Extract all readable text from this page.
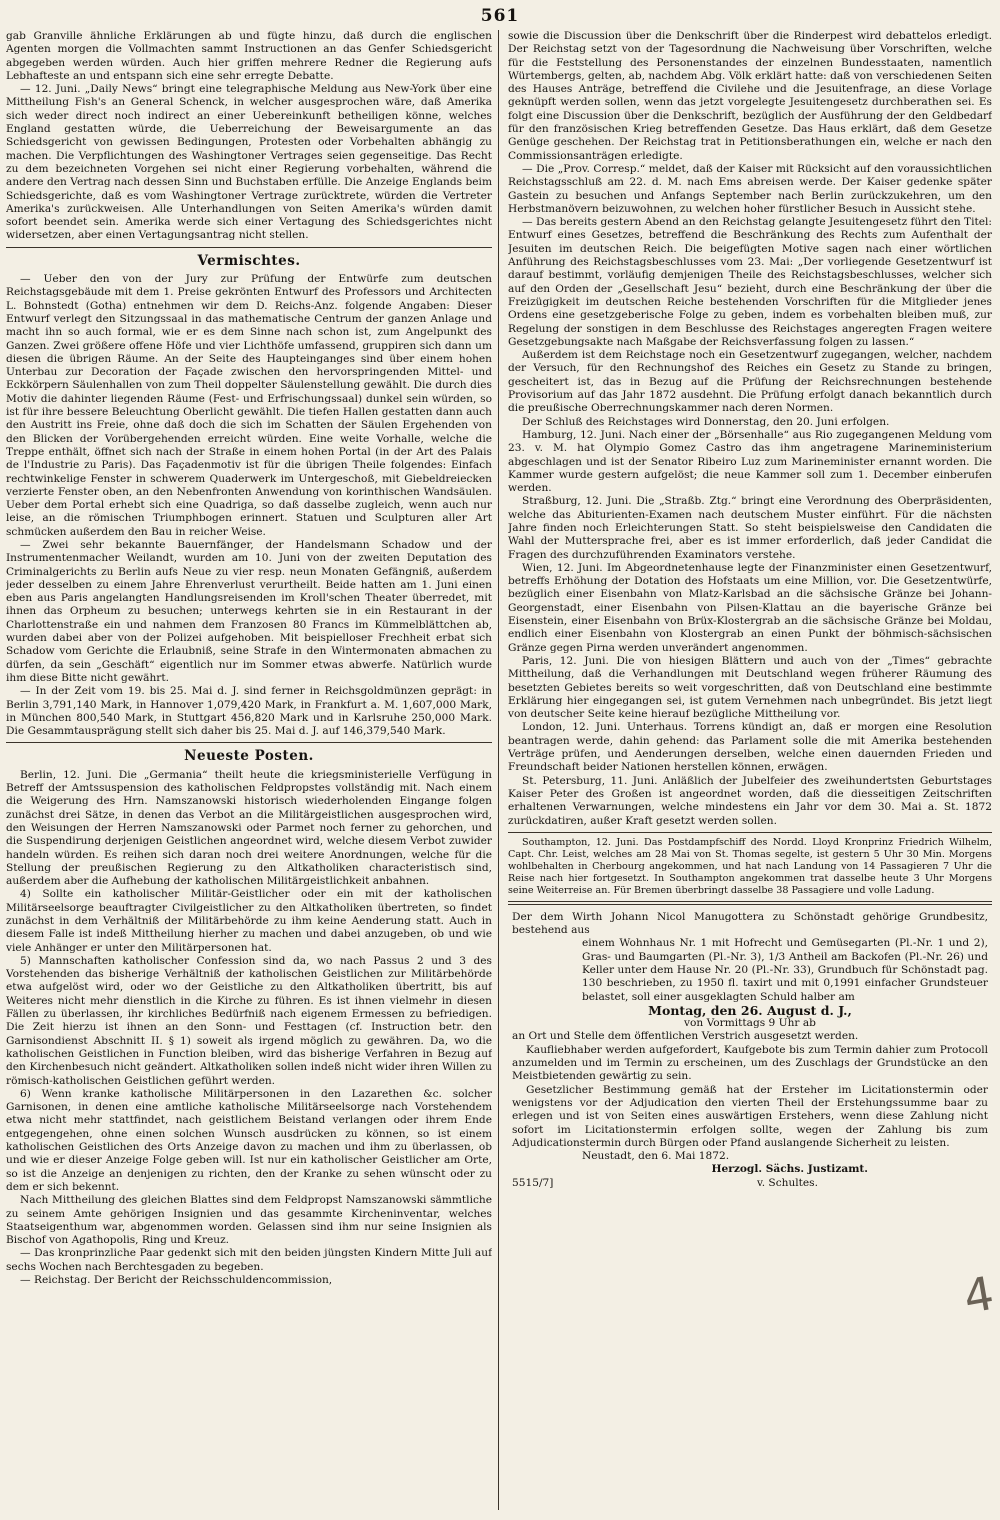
561

gab Granville ähnliche Erklärungen ab und fügte hinzu, daß durch die englischen Agenten morgen die Vollmachten sammt Instructionen an das Genfer Schiedsgericht abgegeben werden würden. Auch hier griffen mehrere Redner die Regierung aufs Lebhafteste an und entspann sich eine sehr erregte Debatte.

— 12. Juni. „Daily News“ bringt eine telegraphische Meldung aus New-York über eine Mittheilung Fish's an General Schenck, in welcher ausgesprochen wäre, daß Amerika sich weder direct noch indirect an einer Uebereinkunft betheiligen könne, welches England gestatten würde, die Ueberreichung der Beweisargumente an das Schiedsgericht von gewissen Bedingungen, Protesten oder Vorbehalten abhängig zu machen. Die Verpflichtungen des Washingtoner Vertrages seien gegenseitige. Das Recht zu dem bezeichneten Vorgehen sei nicht einer Regierung vorbehalten, während die andere den Vertrag nach dessen Sinn und Buchstaben erfülle. Die Anzeige Englands beim Schiedsgerichte, daß es vom Washingtoner Vertrage zurücktrete, würden die Vertreter Amerika's zurückweisen. Alle Unterhandlungen von Seiten Amerika's würden damit sofort beendet sein. Amerika werde sich einer Vertagung des Schiedsgerichtes nicht widersetzen, aber einen Vertagungsantrag nicht stellen.

Vermischtes.

— Ueber den von der Jury zur Prüfung der Entwürfe zum deutschen Reichstagsgebäude mit dem 1. Preise gekrönten Entwurf des Professors und Architecten L. Bohnstedt (Gotha) entnehmen wir dem D. Reichs-Anz. folgende Angaben: Dieser Entwurf verlegt den Sitzungssaal in das mathematische Centrum der ganzen Anlage und macht ihn so auch formal, wie er es dem Sinne nach schon ist, zum Angelpunkt des Ganzen. Zwei größere offene Höfe und vier Lichthöfe umfassend, gruppiren sich dann um diesen die übrigen Räume. An der Seite des Haupteinganges sind über einem hohen Unterbau zur Decoration der Façade zwischen den hervorspringenden Mittel- und Eckkörpern Säulenhallen von zum Theil doppelter Säulenstellung gewählt. Die durch dies Motiv die dahinter liegenden Räume (Fest- und Erfrischungssaal) dunkel sein würden, so ist für ihre bessere Beleuchtung Oberlicht gewählt. Die tiefen Hallen gestatten dann auch den Austritt ins Freie, ohne daß doch die sich im Schatten der Säulen Ergehenden von den Blicken der Vorübergehenden erreicht würden. Eine weite Vorhalle, welche die Treppe enthält, öffnet sich nach der Straße in einem hohen Portal (in der Art des Palais de l'Industrie zu Paris). Das Façadenmotiv ist für die übrigen Theile folgendes: Einfach rechtwinkelige Fenster in schwerem Quaderwerk im Untergeschoß, mit Giebeldreiecken verzierte Fenster oben, an den Nebenfronten Anwendung von korinthischen Wandsäulen. Ueber dem Portal erhebt sich eine Quadriga, so daß dasselbe zugleich, wenn auch nur leise, an die römischen Triumphbogen erinnert. Statuen und Sculpturen aller Art schmücken außerdem den Bau in reicher Weise.

— Zwei sehr bekannte Bauernfänger, der Handelsmann Schadow und der Instrumentenmacher Weilandt, wurden am 10. Juni von der zweiten Deputation des Criminalgerichts zu Berlin aufs Neue zu vier resp. neun Monaten Gefängniß, außerdem jeder desselben zu einem Jahre Ehrenverlust verurtheilt. Beide hatten am 1. Juni einen eben aus Paris angelangten Handlungsreisenden im Kroll'schen Theater überredet, mit ihnen das Orpheum zu besuchen; unterwegs kehrten sie in ein Restaurant in der Charlottenstraße ein und nahmen dem Franzosen 80 Francs im Kümmelblättchen ab, wurden dabei aber von der Polizei aufgehoben. Mit beispielloser Frechheit erbat sich Schadow vom Gerichte die Erlaubniß, seine Strafe in den Wintermonaten abmachen zu dürfen, da sein „Geschäft“ eigentlich nur im Sommer etwas abwerfe. Natürlich wurde ihm diese Bitte nicht gewährt.

— In der Zeit vom 19. bis 25. Mai d. J. sind ferner in Reichsgoldmünzen geprägt: in Berlin 3,791,140 Mark, in Hannover 1,079,420 Mark, in Frankfurt a. M. 1,607,000 Mark, in München 800,540 Mark, in Stuttgart 456,820 Mark und in Karlsruhe 250,000 Mark. Die Gesammtausprägung stellt sich daher bis 25. Mai d. J. auf 146,379,540 Mark.

Neueste Posten.

Berlin, 12. Juni. Die „Germania“ theilt heute die kriegsministerielle Verfügung in Betreff der Amtssuspension des katholischen Feldpropstes vollständig mit. Nach einem die Weigerung des Hrn. Namszanowski historisch wiederholenden Eingange folgen zunächst drei Sätze, in denen das Verbot an die Militärgeistlichen ausgesprochen wird, den Weisungen der Herren Namszanowski oder Parmet noch ferner zu gehorchen, und die Suspendirung derjenigen Geistlichen angeordnet wird, welche diesem Verbot zuwider handeln würden. Es reihen sich daran noch drei weitere Anordnungen, welche für die Stellung der preußischen Regierung zu den Altkatholiken characteristisch sind, außerdem aber die Aufhebung der katholischen Militärgeistlichkeit anbahnen.

4) Sollte ein katholischer Militär-Geistlicher oder ein mit der katholischen Militärseelsorge beauftragter Civilgeistlicher zu den Altkatholiken übertreten, so findet zunächst in dem Verhältniß der Militärbehörde zu ihm keine Aenderung statt. Auch in diesem Falle ist indeß Mittheilung hierher zu machen und dabei anzugeben, ob und wie viele Anhänger er unter den Militärpersonen hat.

5) Mannschaften katholischer Confession sind da, wo nach Passus 2 und 3 des Vorstehenden das bisherige Verhältniß der katholischen Geistlichen zur Militärbehörde etwa aufgelöst wird, oder wo der Geistliche zu den Altkatholiken übertritt, bis auf Weiteres nicht mehr dienstlich in die Kirche zu führen. Es ist ihnen vielmehr in diesen Fällen zu überlassen, ihr kirchliches Bedürfniß nach eigenem Ermessen zu befriedigen. Die Zeit hierzu ist ihnen an den Sonn- und Festtagen (cf. Instruction betr. den Garnisondienst Abschnitt II. § 1) soweit als irgend möglich zu gewähren. Da, wo die katholischen Geistlichen in Function bleiben, wird das bisherige Verfahren in Bezug auf den Kirchenbesuch nicht geändert. Altkatholiken sollen indeß nicht wider ihren Willen zu römisch-katholischen Geistlichen geführt werden.

6) Wenn kranke katholische Militärpersonen in den Lazarethen &c. solcher Garnisonen, in denen eine amtliche katholische Militärseelsorge nach Vorstehendem etwa nicht mehr stattfindet, nach geistlichem Beistand verlangen oder ihrem Ende entgegengehen, ohne einen solchen Wunsch ausdrücken zu können, so ist einem katholischen Geistlichen des Orts Anzeige davon zu machen und ihm zu überlassen, ob und wie er dieser Anzeige Folge geben will. Ist nur ein katholischer Geistlicher am Orte, so ist die Anzeige an denjenigen zu richten, den der Kranke zu sehen wünscht oder zu dem er sich bekennt.

Nach Mittheilung des gleichen Blattes sind dem Feldpropst Namszanowski sämmtliche zu seinem Amte gehörigen Insignien und das gesammte Kircheninventar, welches Staatseigenthum war, abgenommen worden. Gelassen sind ihm nur seine Insignien als Bischof von Agathopolis, Ring und Kreuz.

— Das kronprinzliche Paar gedenkt sich mit den beiden jüngsten Kindern Mitte Juli auf sechs Wochen nach Berchtesgaden zu begeben.

— Reichstag. Der Bericht der Reichsschuldencommission,

sowie die Discussion über die Denkschrift über die Rinderpest wird debattelos erledigt. Der Reichstag setzt von der Tagesordnung die Nachweisung über Vorschriften, welche für die Feststellung des Personenstandes der einzelnen Bundesstaaten, namentlich Würtembergs, gelten, ab, nachdem Abg. Völk erklärt hatte: daß von verschiedenen Seiten des Hauses Anträge, betreffend die Civilehe und die Jesuitenfrage, an diese Vorlage geknüpft werden sollen, wenn das jetzt vorgelegte Jesuitengesetz durchberathen sei. Es folgt eine Discussion über die Denkschrift, bezüglich der Ausführung der den Geldbedarf für den französischen Krieg betreffenden Gesetze. Das Haus erklärt, daß dem Gesetze Genüge geschehen. Der Reichstag trat in Petitionsberathungen ein, welche er nach den Commissionsanträgen erledigte.

— Die „Prov. Corresp.“ meldet, daß der Kaiser mit Rücksicht auf den voraussichtlichen Reichstagsschluß am 22. d. M. nach Ems abreisen werde. Der Kaiser gedenke später Gastein zu besuchen und Anfangs September nach Berlin zurückzukehren, um den Herbstmanövern beizuwohnen, zu welchen hoher fürstlicher Besuch in Aussicht stehe.

— Das bereits gestern Abend an den Reichstag gelangte Jesuitengesetz führt den Titel: Entwurf eines Gesetzes, betreffend die Beschränkung des Rechts zum Aufenthalt der Jesuiten im deutschen Reich. Die beigefügten Motive sagen nach einer wörtlichen Anführung des Reichstagsbeschlusses vom 23. Mai: „Der vorliegende Gesetzentwurf ist darauf bestimmt, vorläufig demjenigen Theile des Reichstagsbeschlusses, welcher sich auf den Orden der „Gesellschaft Jesu“ bezieht, durch eine Beschränkung der über die Freizügigkeit im deutschen Reiche bestehenden Vorschriften für die Mitglieder jenes Ordens eine gesetzgeberische Folge zu geben, indem es vorbehalten bleiben muß, zur Regelung der sonstigen in dem Beschlusse des Reichstages angeregten Fragen weitere Gesetzgebungsakte nach Maßgabe der Reichsverfassung folgen zu lassen.“

Außerdem ist dem Reichstage noch ein Gesetzentwurf zugegangen, welcher, nachdem der Versuch, für den Rechnungshof des Reiches ein Gesetz zu Stande zu bringen, gescheitert ist, das in Bezug auf die Prüfung der Reichsrechnungen bestehende Provisorium auf das Jahr 1872 ausdehnt. Die Prüfung erfolgt danach bekanntlich durch die preußische Oberrechnungskammer nach deren Normen.

Der Schluß des Reichstages wird Donnerstag, den 20. Juni erfolgen.

Hamburg, 12. Juni. Nach einer der „Börsenhalle“ aus Rio zugegangenen Meldung vom 23. v. M. hat Olympio Gomez Castro das ihm angetragene Marineministerium abgeschlagen und ist der Senator Ribeiro Luz zum Marineminister ernannt worden. Die Kammer wurde gestern aufgelöst; die neue Kammer soll zum 1. December einberufen werden.

Straßburg, 12. Juni. Die „Straßb. Ztg.“ bringt eine Verordnung des Oberpräsidenten, welche das Abiturienten-Examen nach deutschem Muster einführt. Für die nächsten Jahre finden noch Erleichterungen Statt. So steht beispielsweise den Candidaten die Wahl der Muttersprache frei, aber es ist immer erforderlich, daß jeder Candidat die Fragen des durchzuführenden Examinators verstehe.

Wien, 12. Juni. Im Abgeordnetenhause legte der Finanzminister einen Gesetzentwurf, betreffs Erhöhung der Dotation des Hofstaats um eine Million, vor. Die Gesetzentwürfe, bezüglich einer Eisenbahn von Mlatz-Karlsbad an die sächsische Gränze bei Johann-Georgenstadt, einer Eisenbahn von Pilsen-Klattau an die bayerische Gränze bei Eisenstein, einer Eisenbahn von Brüx-Klostergrab an die sächsische Gränze bei Moldau, endlich einer Eisenbahn von Klostergrab an einen Punkt der böhmisch-sächsischen Gränze gegen Pirna werden unverändert angenommen.

Paris, 12. Juni. Die von hiesigen Blättern und auch von der „Times“ gebrachte Mittheilung, daß die Verhandlungen mit Deutschland wegen früherer Räumung des besetzten Gebietes bereits so weit vorgeschritten, daß von Deutschland eine bestimmte Erklärung hier eingegangen sei, ist gutem Vernehmen nach unbegründet. Bis jetzt liegt von deutscher Seite keine hierauf bezügliche Mittheilung vor.

London, 12. Juni. Unterhaus. Torrens kündigt an, daß er morgen eine Resolution beantragen werde, dahin gehend: das Parlament solle die mit Amerika bestehenden Verträge prüfen, und Aenderungen derselben, welche einen dauernden Frieden und Freundschaft beider Nationen herstellen können, erwägen.

St. Petersburg, 11. Juni. Anläßlich der Jubelfeier des zweihundertsten Geburtstages Kaiser Peter des Großen ist angeordnet worden, daß die diesseitigen Zeitschriften erhaltenen Verwarnungen, welche mindestens ein Jahr vor dem 30. Mai a. St. 1872 zurückdatiren, außer Kraft gesetzt werden sollen.

Southampton, 12. Juni. Das Postdampfschiff des Nordd. Lloyd Kronprinz Friedrich Wilhelm, Capt. Chr. Leist, welches am 28 Mai von St. Thomas segelte, ist gestern 5 Uhr 30 Min. Morgens wohlbehalten in Cherbourg angekommen, und hat nach Landung von 14 Passagieren 7 Uhr die Reise nach hier fortgesetzt. In Southampton angekommen trat dasselbe heute 3 Uhr Morgens seine Weiterreise an. Für Bremen überbringt dasselbe 38 Passagiere und volle Ladung.

Der dem Wirth Johann Nicol Manugottera zu Schönstadt gehörige Grundbesitz, bestehend aus

einem Wohnhaus Nr. 1 mit Hofrecht und Gemüsegarten (Pl.-Nr. 1 und 2), Gras- und Baumgarten (Pl.-Nr. 3), 1/3 Antheil am Backofen (Pl.-Nr. 26) und Keller unter dem Hause Nr. 20 (Pl.-Nr. 33), Grundbuch für Schönstadt pag. 130 beschrieben, zu 1950 fl. taxirt und mit 0,1991 einfacher Grundsteuer belastet, soll einer ausgeklagten Schuld halber am

Montag, den 26. August d. J.,

von Vormittags 9 Uhr ab

an Ort und Stelle dem öffentlichen Verstrich ausgesetzt werden.

Kaufliebhaber werden aufgefordert, Kaufgebote bis zum Termin dahier zum Protocoll anzumelden und im Termin zu erscheinen, um des Zuschlags der Grundstücke an den Meistbietenden gewärtig zu sein.

Gesetzlicher Bestimmung gemäß hat der Ersteher im Licitationstermin oder wenigstens vor der Adjudication den vierten Theil der Erstehungssumme baar zu erlegen und ist von Seiten eines auswärtigen Erstehers, wenn diese Zahlung nicht sofort im Licitationstermin erfolgen sollte, wegen der Zahlung bis zum Adjudicationstermin durch Bürgen oder Pfand auslangende Sicherheit zu leisten.

Neustadt, den 6. Mai 1872.

Herzogl. Sächs. Justizamt.

5515/7]	v. Schultes.
4
